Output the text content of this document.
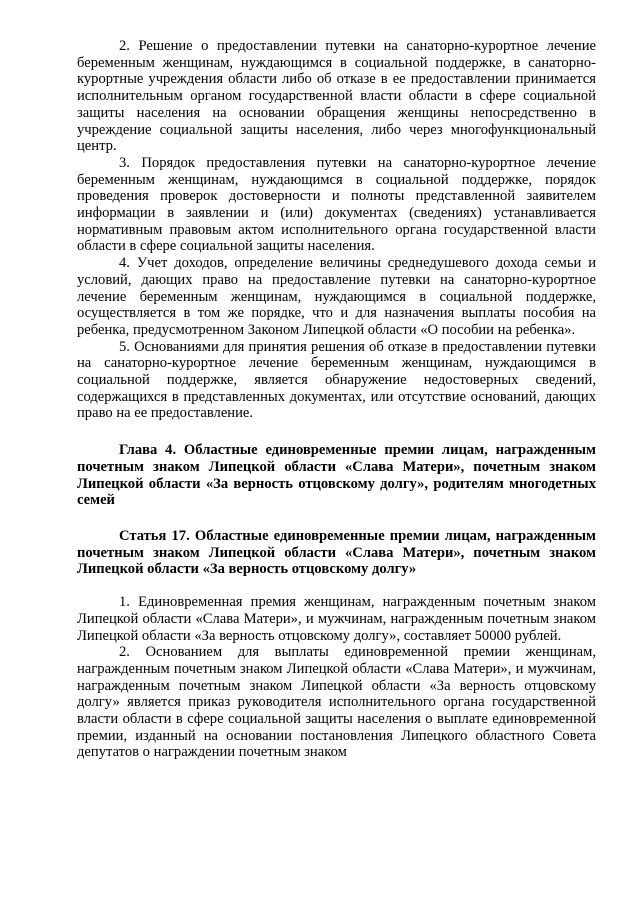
2. Решение о предоставлении путевки на санаторно-курортное лечение беременным женщинам, нуждающимся в социальной поддержке, в санаторно-курортные учреждения области либо об отказе в ее предоставлении принимается исполнительным органом государственной власти области в сфере социальной защиты населения на основании обращения женщины непосредственно в учреждение социальной защиты населения, либо через многофункциональный центр.

3. Порядок предоставления путевки на санаторно-курортное лечение беременным женщинам, нуждающимся в социальной поддержке, порядок проведения проверок достоверности и полноты представленной заявителем информации в заявлении и (или) документах (сведениях) устанавливается нормативным правовым актом исполнительного органа государственной власти области в сфере социальной защиты населения.

4. Учет доходов, определение величины среднедушевого дохода семьи и условий, дающих право на предоставление путевки на санаторно-курортное лечение беременным женщинам, нуждающимся в социальной поддержке, осуществляется в том же порядке, что и для назначения выплаты пособия на ребенка, предусмотренном Законом Липецкой области «О пособии на ребенка».

5. Основаниями для принятия решения об отказе в предоставлении путевки на санаторно-курортное лечение беременным женщинам, нуждающимся в социальной поддержке, является обнаружение недостоверных сведений, содержащихся в представленных документах, или отсутствие оснований, дающих право на ее предоставление.

Глава 4. Областные единовременные премии лицам, награжденным почетным знаком Липецкой области «Слава Матери», почетным знаком Липецкой области «За верность отцовскому долгу», родителям многодетных семей

Статья 17. Областные единовременные премии лицам, награжденным почетным знаком Липецкой области «Слава Матери», почетным знаком Липецкой области «За верность отцовскому долгу»

1. Единовременная премия женщинам, награжденным почетным знаком Липецкой области «Слава Матери», и мужчинам, награжденным почетным знаком Липецкой области «За верность отцовскому долгу», составляет 50000 рублей.

2. Основанием для выплаты единовременной премии женщинам, награжденным почетным знаком Липецкой области «Слава Матери», и мужчинам, награжденным почетным знаком Липецкой области «За верность отцовскому долгу» является приказ руководителя исполнительного органа государственной власти области в сфере социальной защиты населения о выплате единовременной премии, изданный на основании постановления Липецкого областного Совета депутатов о награждении почетным знаком
